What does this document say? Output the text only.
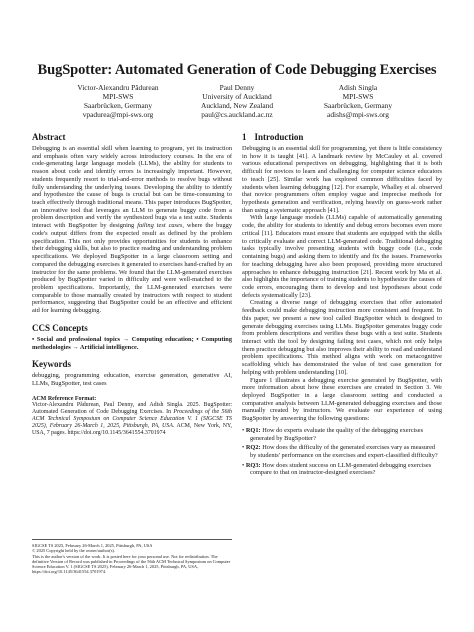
BugSpotter: Automated Generation of Code Debugging Exercises
Victor-Alexandru Pădurean
MPI-SWS
Saarbrücken, Germany
vpadurea@mpi-sws.org
Paul Denny
University of Auckland
Auckland, New Zealand
paul@cs.auckland.ac.nz
Adish Singla
MPI-SWS
Saarbrücken, Germany
adishs@mpi-sws.org
Abstract

Debugging is an essential skill when learning to program, yet its instruction and emphasis often vary widely across introductory courses. In the era of code-generating large language models (LLMs), the ability for students to reason about code and identify errors is increasingly important. However, students frequently resort to trial-and-error methods to resolve bugs without fully understanding the underlying issues. Developing the ability to identify and hypothesize the cause of bugs is crucial but can be time-consuming to teach effectively through traditional means. This paper introduces BugSpotter, an innovative tool that leverages an LLM to generate buggy code from a problem description and verify the synthesized bugs via a test suite. Students interact with BugSpotter by designing failing test cases, where the buggy code's output differs from the expected result as defined by the problem specification. This not only provides opportunities for students to enhance their debugging skills, but also to practice reading and understanding problem specifications. We deployed BugSpotter in a large classroom setting and compared the debugging exercises it generated to exercises hand-crafted by an instructor for the same problems. We found that the LLM-generated exercises produced by BugSpotter varied in difficulty and were well-matched to the problem specifications. Importantly, the LLM-generated exercises were comparable to those manually created by instructors with respect to student performance, suggesting that BugSpotter could be an effective and efficient aid for learning debugging.

CCS Concepts

• Social and professional topics → Computing education; • Computing methodologies → Artificial intelligence.

Keywords

debugging, programming education, exercise generation, generative AI, LLMs, BugSpotter, test cases

ACM Reference Format:

Victor-Alexandru Pădurean, Paul Denny, and Adish Singla. 2025. BugSpotter: Automated Generation of Code Debugging Exercises. In Proceedings of the 56th ACM Technical Symposium on Computer Science Education V. 1 (SIGCSE TS 2025), February 26-March 1, 2025, Pittsburgh, PA, USA. ACM, New York, NY, USA, 7 pages. https://doi.org/10.1145/3641554.3701974

SIGCSE TS 2025, February 26-March 1, 2025, Pittsburgh, PA, USA

© 2025 Copyright held by the owner/author(s).

This is the author's version of the work. It is posted here for your personal use. Not for redistribution. The definitive Version of Record was published in Proceedings of the 56th ACM Technical Symposium on Computer Science Education V. 1 (SIGCSE TS 2025), February 26-March 1, 2025, Pittsburgh, PA, USA, https://doi.org/10.1145/3641554.3701974.

1 Introduction

Debugging is an essential skill for programming, yet there is little consistency in how it is taught [41]. A landmark review by McCauley et al. covered various educational perspectives on debugging, highlighting that it is both difficult for novices to learn and challenging for computer science educators to teach [25]. Similar work has explored common difficulties faced by students when learning debugging [12]. For example, Whalley et al. observed that novice programmers often employ vague and imprecise methods for hypothesis generation and verification, relying heavily on guess-work rather than using a systematic approach [41].

With large language models (LLMs) capable of automatically generating code, the ability for students to identify and debug errors becomes even more critical [11]. Educators must ensure that students are equipped with the skills to critically evaluate and correct LLM-generated code. Traditional debugging tasks typically involve presenting students with buggy code (i.e., code containing bugs) and asking them to identify and fix the issues. Frameworks for teaching debugging have also been proposed, providing more structured approaches to enhance debugging instruction [21]. Recent work by Ma et al. also highlights the importance of training students to hypothesize the causes of code errors, encouraging them to develop and test hypotheses about code defects systematically [23].

Creating a diverse range of debugging exercises that offer automated feedback could make debugging instruction more consistent and frequent. In this paper, we present a new tool called BugSpotter which is designed to generate debugging exercises using LLMs. BugSpotter generates buggy code from problem descriptions and verifies these bugs with a test suite. Students interact with the tool by designing failing test cases, which not only helps them practice debugging but also improves their ability to read and understand problem specifications. This method aligns with work on metacognitive scaffolding which has demonstrated the value of test case generation for helping with problem understanding [10].

Figure 1 illustrates a debugging exercise generated by BugSpotter, with more information about how these exercises are created in Section 3. We deployed BugSpotter in a large classroom setting and conducted a comparative analysis between LLM-generated debugging exercises and those manually created by instructors. We evaluate our experience of using BugSpotter by answering the following questions:

• RQ1: How do experts evaluate the quality of the debugging exercises generated by BugSpotter?
• RQ2: How does the difficulty of the generated exercises vary as measured by students' performance on the exercises and expert-classified difficulty?
• RQ3: How does student success on LLM-generated debugging exercises compare to that on instructor-designed exercises?
